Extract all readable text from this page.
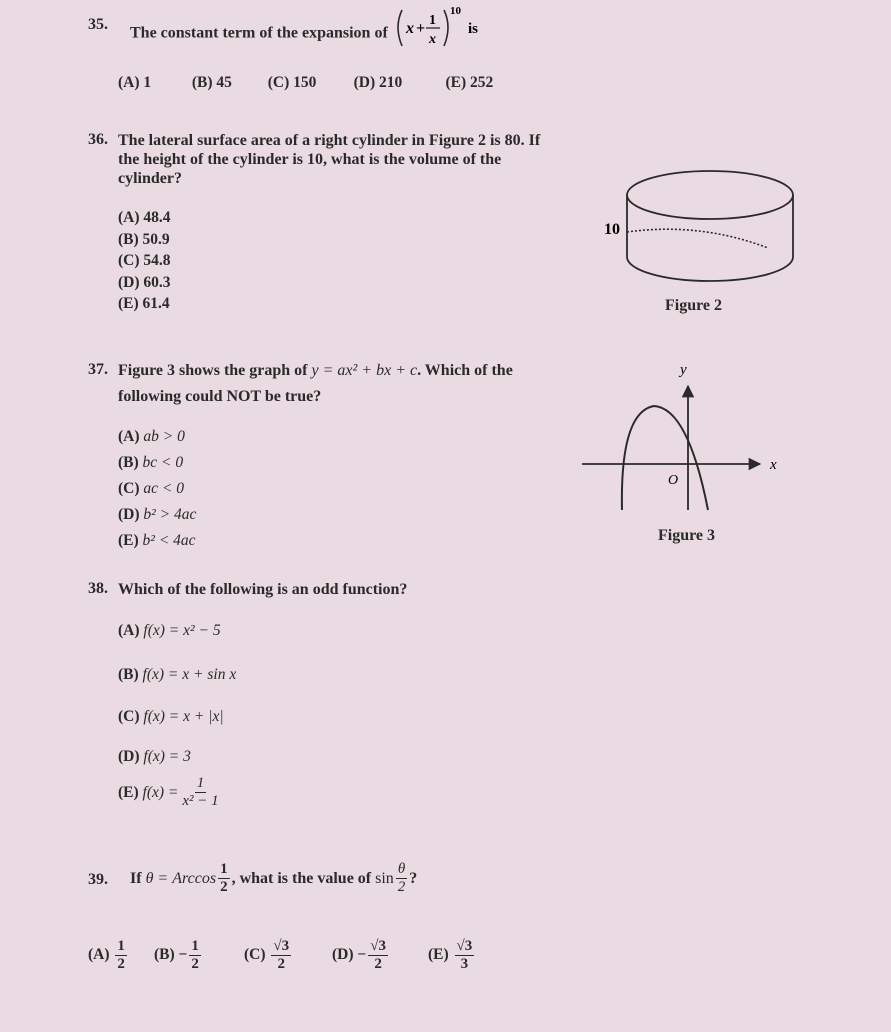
35.
The constant term of the expansion of x + 1
x
10
is
(A) 1	(B) 45 (C) 150 (D) 210	(E) 252
36. The lateral surface area of a right cylinder in Figure 2 is 80. If
the height of the cylinder is 10, what is the volume of the
cylinder?
(A) 48.4
(B) 50.9
(C) 54.8
(D) 60.3
(E) 61.4
10
Figure 2
37. Figure 3 shows the graph of y = ax² + bx + c. Which of the
following could NOT be true?
(A) ab > 0
(B) bc < 0
(C) ac < 0
(D) b² > 4ac
(E) b² < 4ac
y
x
O
Figure 3
38. Which of the following is an odd function?
(A) f(x) = x² − 5
(B) f(x) = x + sin x
(C) f(x) = x + |x|
(D) f(x) = 3
(E)
$f(x) = \frac{1}{\text{x² − 1}}$
39. If
θ = Arccos $\frac{1}{2}$ , what is the value of
$\sin \frac{\theta}{2}$ ?
(A)
$\frac{1}{2} (B)$
− $\frac{1}{2}$	(C)
$\frac{√3}{2}$	(D)
− $\frac{√3}{2}$	(E)
$\frac{√3}{3}$
